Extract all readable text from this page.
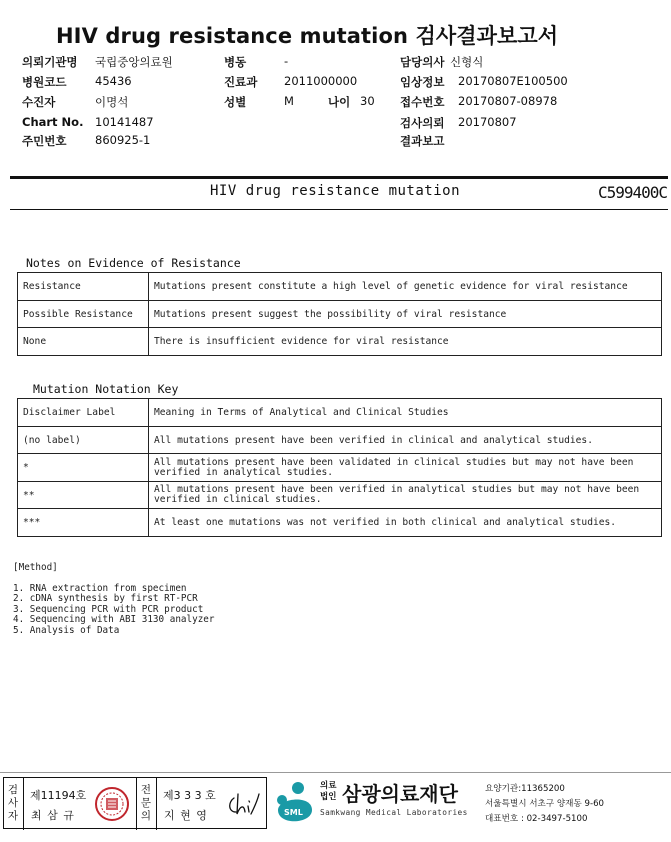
HIV drug resistance mutation 검사결과보고서
의뢰기관명 국립중앙의료원
병원코드 45436
수진자	이명석
Chart No. 10141487
주민번호 860925-1
병동	-
진료과 2011000000
성별	M	나이 30
담당의사 신형식
임상정보 20170807E100500
접수번호 20170807-08978
검사의뢰 20170807
결과보고
HIV drug resistance mutation	C599400C
Notes on Evidence of Resistance
Resistance	Mutations present constitute a high level of genetic evidence for viral resistance
Possible Resistance	Mutations present suggest the possibility of viral resistance
None	There is insufficient evidence for viral resistance
Mutation Notation Key
Disclaimer Label	Meaning in Terms of Analytical and Clinical Studies
(no label)	All mutations present have been verified in clinical and analytical studies.
*	All mutations present have been validated in clinical studies but may not have been verified in analytical studies.
**	All mutations present have been verified in analytical studies but may not have been verified in clinical studies.
***	At least one mutations was not verified in both clinical and analytical studies.
[Method]
1. RNA extraction from specimen
2. cDNA synthesis by first RT-PCR
3. Sequencing PCR with PCR product
4. Sequencing with ABI 3130 analyzer
5. Analysis of Data
검
사
자
제11194호
최 삼 규
전
문
의
제3 3 3 호
지 현 영	SML
의료
법인 삼광의료재단
Samkwang Medical Laboratories
요양기관:11365200
서울특별시 서초구 양재동 9-60
대표번호 : 02-3497-5100
